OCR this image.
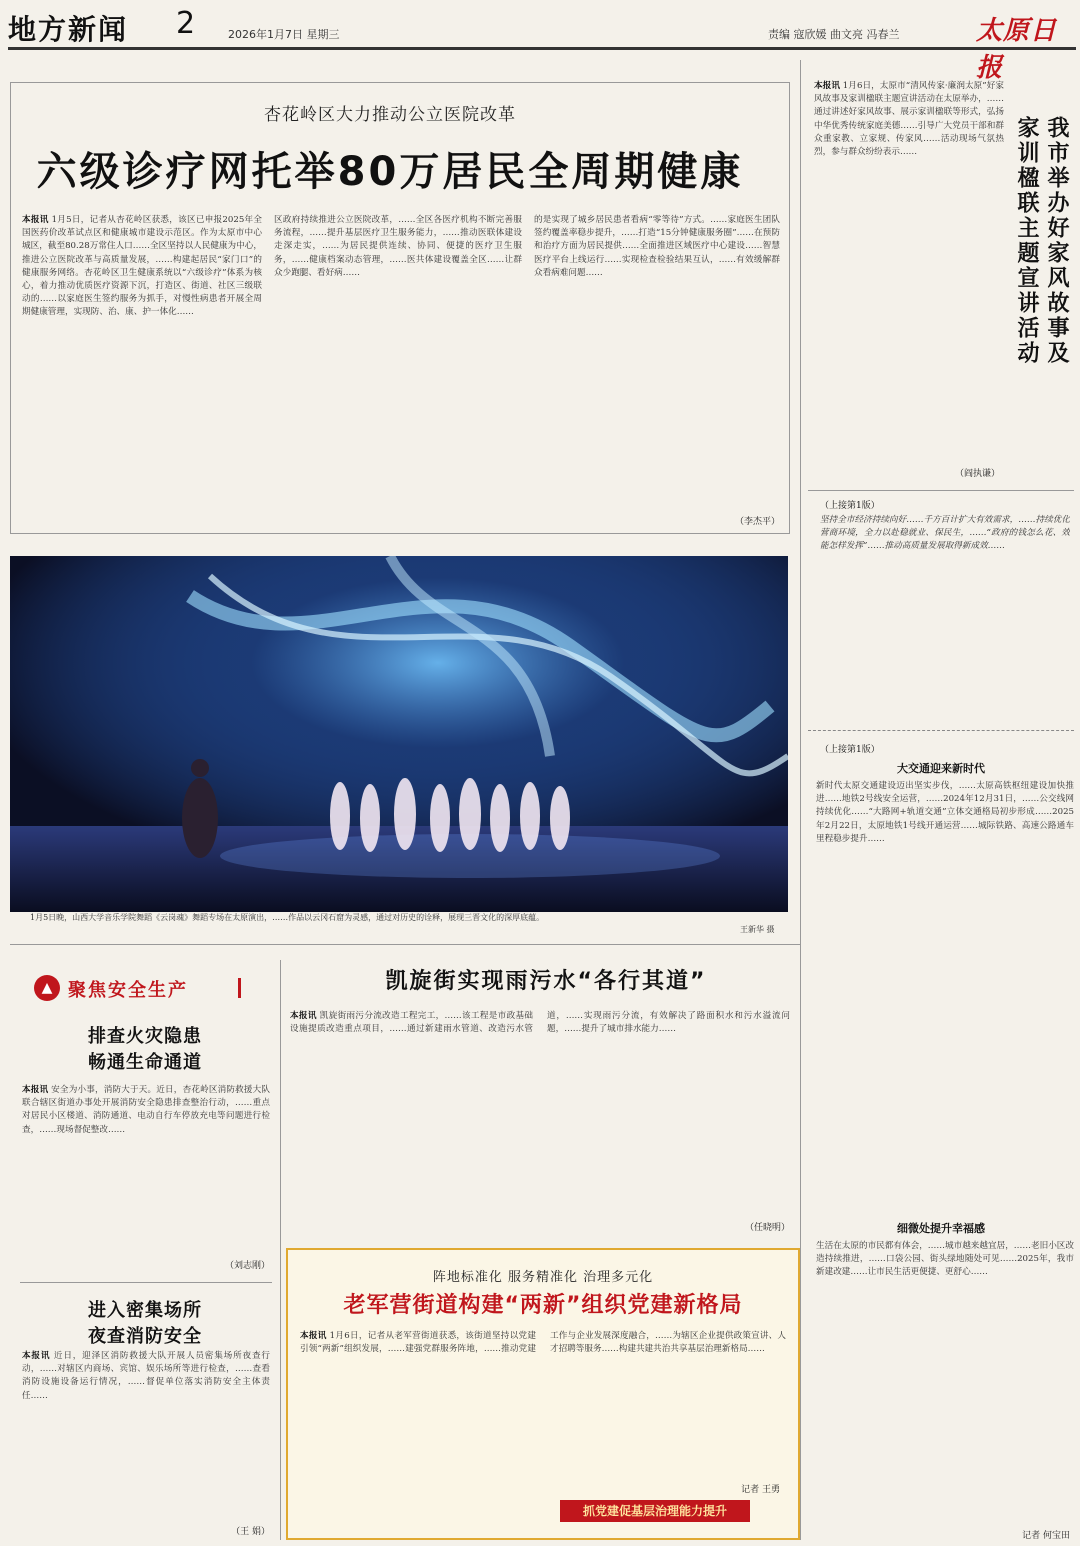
地方新闻 2	2026年1月7日 星期三	责编 寇欣媛 曲文亮 冯春兰	太原日报
杏花岭区大力推动公立医院改革
六级诊疗网托举80万居民全周期健康
本报讯 1月5日，记者从杏花岭区获悉，该区已申报2025年全国医药价改革试点区和健康城市建设示范区。作为太原市中心城区，截至80.28万常住人口……全区坚持以人民健康为中心，推进公立医院改革与高质量发展，……构建起居民“家门口”的健康服务网络。杏花岭区卫生健康系统以“六级诊疗”体系为核心，着力推动优质医疗资源下沉，打造区、街道、社区三级联动的……以家庭医生签约服务为抓手，对慢性病患者开展全周期健康管理，实现防、治、康、护一体化……
区政府持续推进公立医院改革，……全区各医疗机构不断完善服务流程，……提升基层医疗卫生服务能力，……推动医联体建设走深走实，……为居民提供连续、协同、便捷的医疗卫生服务，……健康档案动态管理，……医共体建设覆盖全区……让群众少跑腿、看好病……
的是实现了城乡居民患者看病“零等待”方式。……家庭医生团队签约覆盖率稳步提升，……打造“15分钟健康服务圈”……在预防和治疗方面为居民提供……全面推进区域医疗中心建设……智慧医疗平台上线运行……实现检查检验结果互认，……有效缓解群众看病难问题……
（李杰平）
本报讯 1月6日，太原市“清风传家·廉润太原”好家风故事及家训楹联主题宣讲活动在太原举办，……通过讲述好家风故事、展示家训楹联等形式，弘扬中华优秀传统家庭美德……引导广大党员干部和群众重家教、立家规、传家风……活动现场气氛热烈，参与群众纷纷表示……	我市举办好家风故事及
家训楹联主题宣讲活动
（阎执谦）
（上接第1版）
坚持全市经济持续向好……千方百计扩大有效需求，……持续优化营商环境，全力以赴稳就业、保民生，……“政府的钱怎么花、效能怎样发挥”……推动高质量发展取得新成效……
（上接第1版）
大交通迎来新时代
新时代太原交通建设迈出坚实步伐，……太原高铁枢纽建设加快推进……地铁2号线安全运营，……2024年12月31日，……公交线网持续优化……“大路网+轨道交通”立体交通格局初步形成……2025年2月22日，太原地铁1号线开通运营……城际铁路、高速公路通车里程稳步提升……
细微处提升幸福感
生活在太原的市民都有体会，……城市越来越宜居，……老旧小区改造持续推进，……口袋公园、街头绿地随处可见……2025年，我市新建改建……让市民生活更便捷、更舒心……
记者 何宝田
1月5日晚，山西大学音乐学院舞蹈《云岗魂》舞蹈专场在太原演出，……作品以云冈石窟为灵感，通过对历史的诠释，展现三晋文化的深厚底蕴。
王新华 摄
▲ 聚焦安全生产
排查火灾隐患
畅通生命通道
本报讯 安全为小事，消防大于天。近日，杏花岭区消防救援大队联合辖区街道办事处开展消防安全隐患排查整治行动，……重点对居民小区楼道、消防通道、电动自行车停放充电等问题进行检查，……现场督促整改……
（刘志刚）
进入密集场所
夜查消防安全
本报讯 近日，迎泽区消防救援大队开展人员密集场所夜查行动，……对辖区内商场、宾馆、娱乐场所等进行检查，……查看消防设施设备运行情况，……督促单位落实消防安全主体责任……
（王 娟）
凯旋街实现雨污水“各行其道”
本报讯 凯旋街雨污分流改造工程完工，……该工程是市政基础设施提质改造重点项目，……通过新建雨水管道、改造污水管道，……实现雨污分流，有效解决了路面积水和污水溢流问题，……提升了城市排水能力……
（任晓明）
阵地标准化 服务精准化 治理多元化
老军营街道构建“两新”组织党建新格局
本报讯 1月6日，记者从老军营街道获悉，该街道坚持以党建引领“两新”组织发展，……建强党群服务阵地，……推动党建工作与企业发展深度融合，……为辖区企业提供政策宣讲、人才招聘等服务……构建共建共治共享基层治理新格局……
记者 王勇
抓党建促基层治理能力提升
